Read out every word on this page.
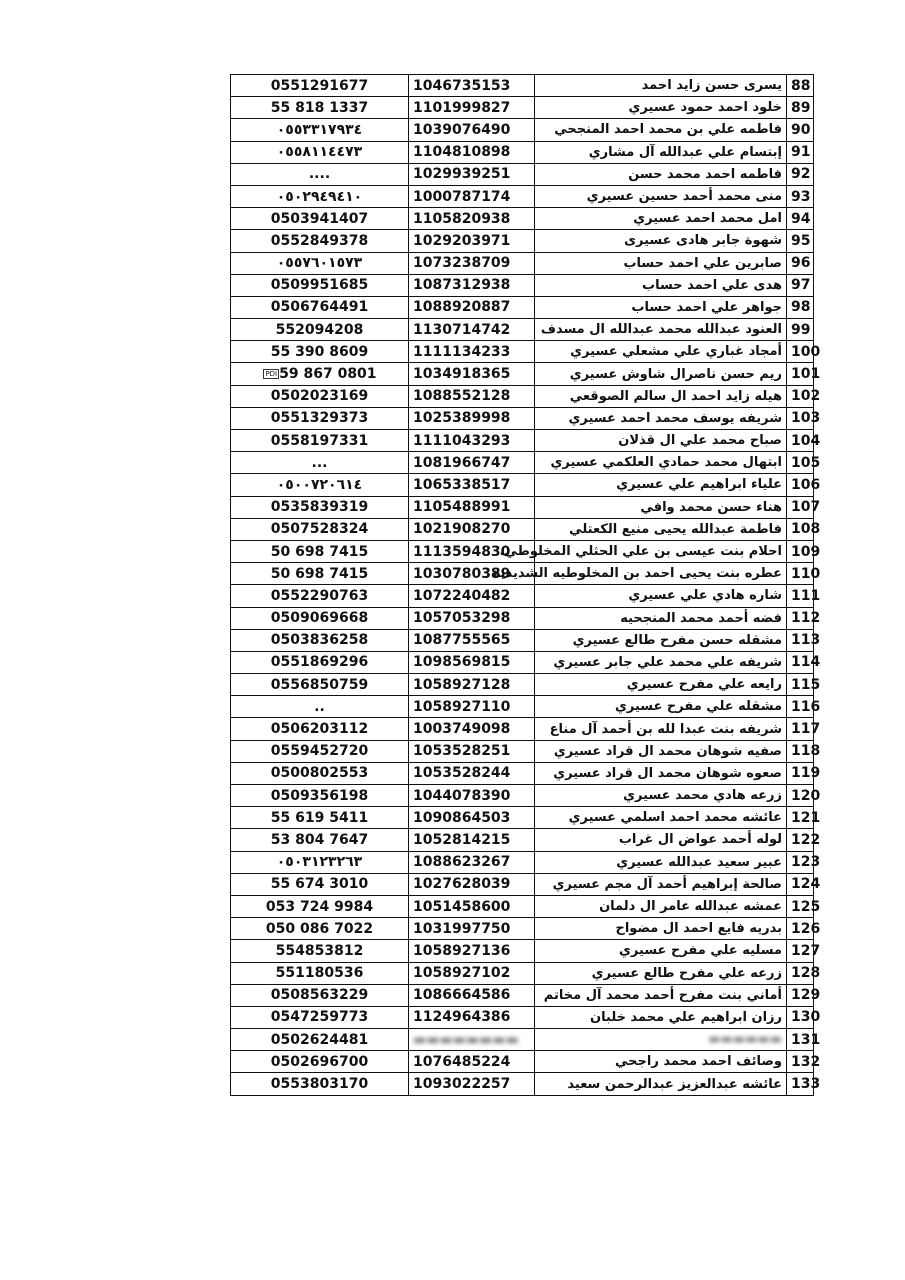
0551291677	1046735153	يسرى حسن زايد احمد	88
55 818 1337	1101999827	خلود احمد حمود عسيري	89
٠٥٥٣٣١٧٩٣٤	1039076490	فاطمه علي بن محمد احمد المنجحي	90
٠٥٥٨١١٤٤٧٣	1104810898	إبتسام علي عبدالله آل مشاري	91
....	1029939251	فاطمه احمد محمد حسن	92
٠٥٠٢٩٤٩٤١٠	1000787174	منى محمد أحمد حسين عسيري	93
0503941407	1105820938	امل محمد احمد عسيري	94
0552849378	1029203971	شهوة جابر هادى عسيرى	95
٠٥٥٧٦٠١٥٧٣	1073238709	صابرين علي احمد حساب	96
0509951685	1087312938	هدى علي احمد حساب	97
0506764491	1088920887	جواهر علي احمد حساب	98
552094208	1130714742	العنود عبدالله محمد عبدالله ال مسدف	99
55 390 8609	1111134233	أمجاد غباري علي مشعلي عسيري	100
PDI 59 867 0801	1034918365	ريم حسن ناصرال شاوش عسيري	101
0502023169	1088552128	هيله زايد احمد ال سالم الصوقعي	102
0551329373	1025389998	شريفه يوسف محمد احمد عسيري	103
0558197331	1111043293	صباح محمد علي ال قذلان	104
...	1081966747	ابتهال محمد حمادي العلكمي عسيري	105
٠٥٠٠٧٢٠٦١٤	1065338517	علياء ابراهيم علي عسيري	106
0535839319	1105488991	هناء حسن محمد وافي	107
0507528324	1021908270	فاطمة عبدالله يحيى منيع الكعتلي	108
50 698 7415	1113594830	احلام بنت عيسى بن علي الحثلي المخلوطي.	109
50 698 7415	1030780389	عطره بنت يحيى احمد بن المخلوطيه الشديدية	110
0552290763	1072240482	شاره هادي علي عسيري	111
0509069668	1057053298	فضه أحمد محمد المنجحيه	112
0503836258	1087755565	مشقله حسن مفرح طالع عسيري	113
0551869296	1098569815	شريفه علي محمد علي جابر عسيري	114
0556850759	1058927128	رايعه علي مفرح عسيري	115
..	1058927110	مشقله علي مفرح عسيري	116
0506203112	1003749098	شريفه بنت عبدا لله بن أحمد آل مناع	117
0559452720	1053528251	صفيه شوهان محمد ال قراد عسيري	118
0500802553	1053528244	صعوه شوهان محمد ال قراد عسيري	119
0509356198	1044078390	زرعه هادي محمد عسيري	120
55 619 5411	1090864503	عائشه محمد احمد اسلمي عسيري	121
53 804 7647	1052814215	لوله أحمد عواض ال غراب	122
٠٥٠٣١٢٣٢٦٣	1088623267	عبير سعيد عبدالله عسيري	123
55 674 3010	1027628039	صالحة إبراهيم أحمد آل مجم عسيري	124
053 724 9984	1051458600	عمشه عبدالله عامر ال دلمان	125
050 086 7022	1031997750	بدريه فايع احمد ال مضواح	126
554853812	1058927136	مسليه علي مفرح عسيري	127
551180536	1058927102	زرعه علي مفرح طالع عسيري	128
0508563229	1086664586	أماني بنت مفرح أحمد محمد آل مخاتم	129
0547259773	1124964386	رزان ابراهيم علي محمد خلبان	130
0502624481	▬▬▬▬▬▬▬▬	▬▬▬▬▬▬	131
0502696700	1076485224	وصائف احمد محمد راجحي	132
0553803170	1093022257	عائشه عبدالعزيز عبدالرحمن سعيد	133
